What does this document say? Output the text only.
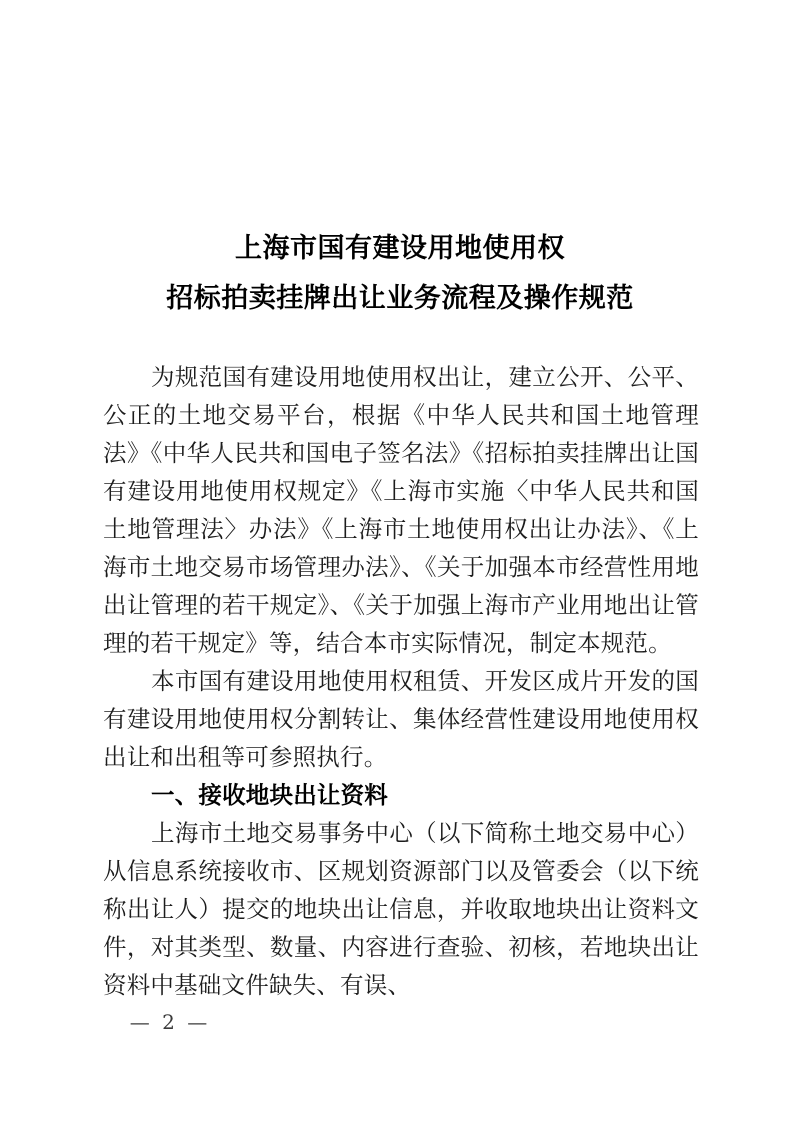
上海市国有建设用地使用权
招标拍卖挂牌出让业务流程及操作规范

为规范国有建设用地使用权出让，建立公开、公平、公正的土地交易平台，根据《中华人民共和国土地管理法》《中华人民共和国电子签名法》《招标拍卖挂牌出让国有建设用地使用权规定》《上海市实施〈中华人民共和国土地管理法〉办法》《上海市土地使用权出让办法》、《上海市土地交易市场管理办法》、《关于加强本市经营性用地出让管理的若干规定》、《关于加强上海市产业用地出让管理的若干规定》等，结合本市实际情况，制定本规范。

本市国有建设用地使用权租赁、开发区成片开发的国有建设用地使用权分割转让、集体经营性建设用地使用权出让和出租等可参照执行。

一、接收地块出让资料

上海市土地交易事务中心（以下简称土地交易中心）从信息系统接收市、区规划资源部门以及管委会（以下统称出让人）提交的地块出让信息，并收取地块出让资料文件，对其类型、数量、内容进行查验、初核，若地块出让资料中基础文件缺失、有误、

— 2 —
